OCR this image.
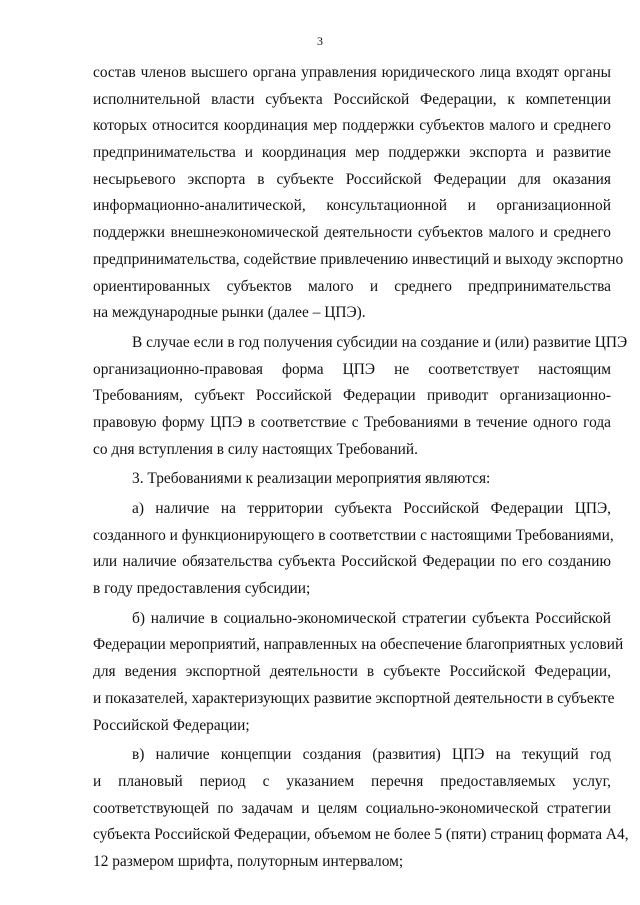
3

состав членов высшего органа управления юридического лица входят органы
исполнительной власти субъекта Российской Федерации, к компетенции
которых относится координация мер поддержки субъектов малого и среднего
предпринимательства и координация мер поддержки экспорта и развитие
несырьевого экспорта в субъекте Российской Федерации для оказания
информационно-аналитической, консультационной и организационной
поддержки внешнеэкономической деятельности субъектов малого и среднего
предпринимательства, содействие привлечению инвестиций и выходу экспортно
ориентированных субъектов малого и среднего предпринимательства
на международные рынки (далее – ЦПЭ).

В случае если в год получения субсидии на создание и (или) развитие ЦПЭ
организационно-правовая форма ЦПЭ не соответствует настоящим
Требованиям, субъект Российской Федерации приводит организационно-
правовую форму ЦПЭ в соответствие с Требованиями в течение одного года
со дня вступления в силу настоящих Требований.

3. Требованиями к реализации мероприятия являются:

а) наличие на территории субъекта Российской Федерации ЦПЭ,
созданного и функционирующего в соответствии с настоящими Требованиями,
или наличие обязательства субъекта Российской Федерации по его созданию
в году предоставления субсидии;

б) наличие в социально-экономической стратегии субъекта Российской
Федерации мероприятий, направленных на обеспечение благоприятных условий
для ведения экспортной деятельности в субъекте Российской Федерации,
и показателей, характеризующих развитие экспортной деятельности в субъекте
Российской Федерации;

в) наличие концепции создания (развития) ЦПЭ на текущий год
и плановый период с указанием перечня предоставляемых услуг,
соответствующей по задачам и целям социально-экономической стратегии
субъекта Российской Федерации, объемом не более 5 (пяти) страниц формата А4,
12 размером шрифта, полуторным интервалом;
